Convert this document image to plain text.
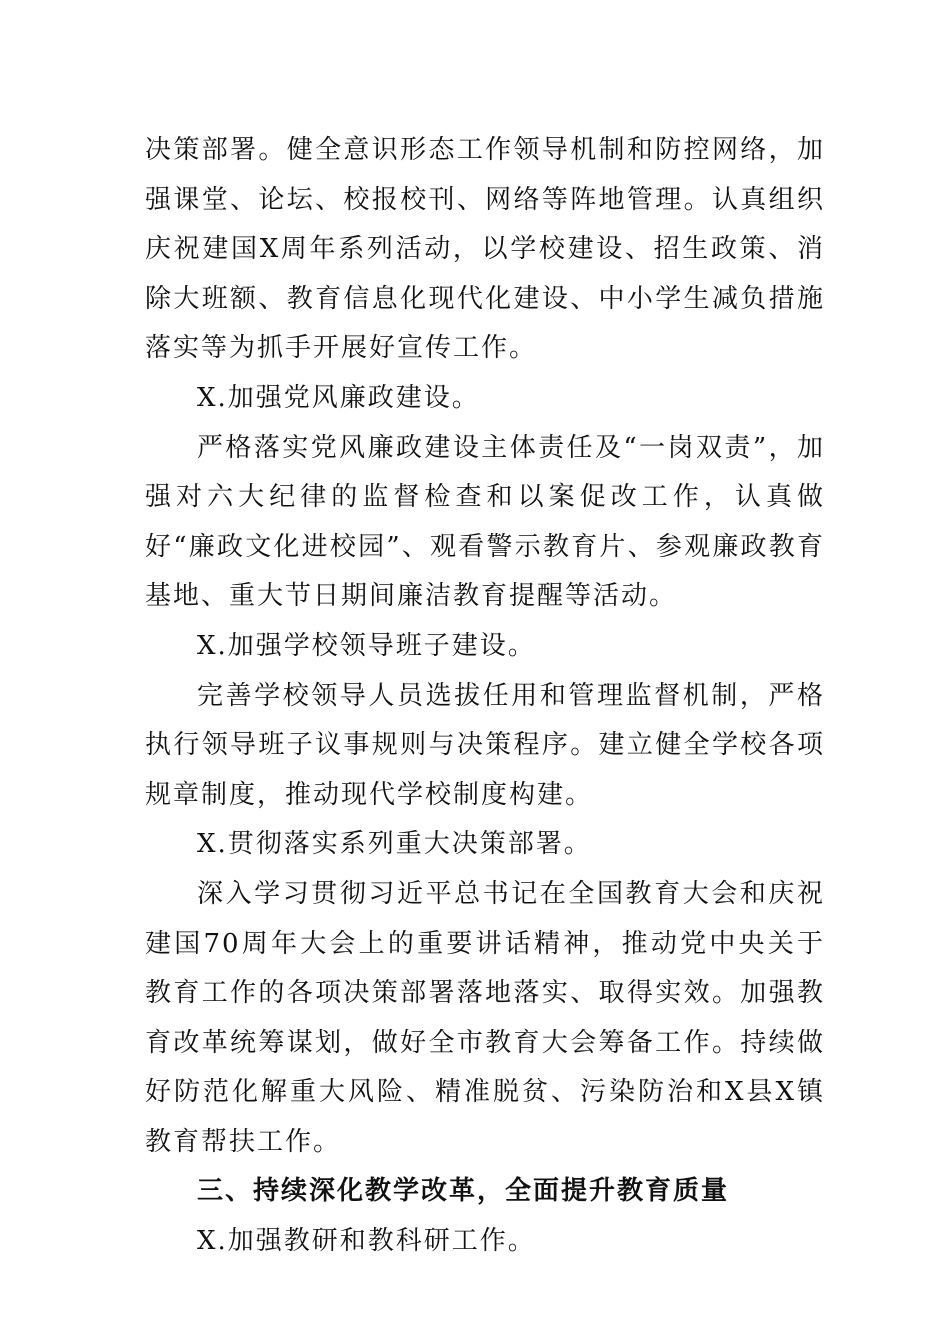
决策部署。健全意识形态工作领导机制和防控网络，加强课堂、论坛、校报校刊、网络等阵地管理。认真组织庆祝建国X周年系列活动，以学校建设、招生政策、消除大班额、教育信息化现代化建设、中小学生减负措施落实等为抓手开展好宣传工作。

X.加强党风廉政建设。

严格落实党风廉政建设主体责任及“一岗双责”，加强对六大纪律的监督检查和以案促改工作，认真做好“廉政文化进校园”、观看警示教育片、参观廉政教育基地、重大节日期间廉洁教育提醒等活动。

X.加强学校领导班子建设。

完善学校领导人员选拔任用和管理监督机制，严格执行领导班子议事规则与决策程序。建立健全学校各项规章制度，推动现代学校制度构建。

X.贯彻落实系列重大决策部署。

深入学习贯彻习近平总书记在全国教育大会和庆祝建国70周年大会上的重要讲话精神，推动党中央关于教育工作的各项决策部署落地落实、取得实效。加强教育改革统筹谋划，做好全市教育大会筹备工作。持续做好防范化解重大风险、精准脱贫、污染防治和X县X镇教育帮扶工作。

三、持续深化教学改革，全面提升教育质量

X.加强教研和教科研工作。
